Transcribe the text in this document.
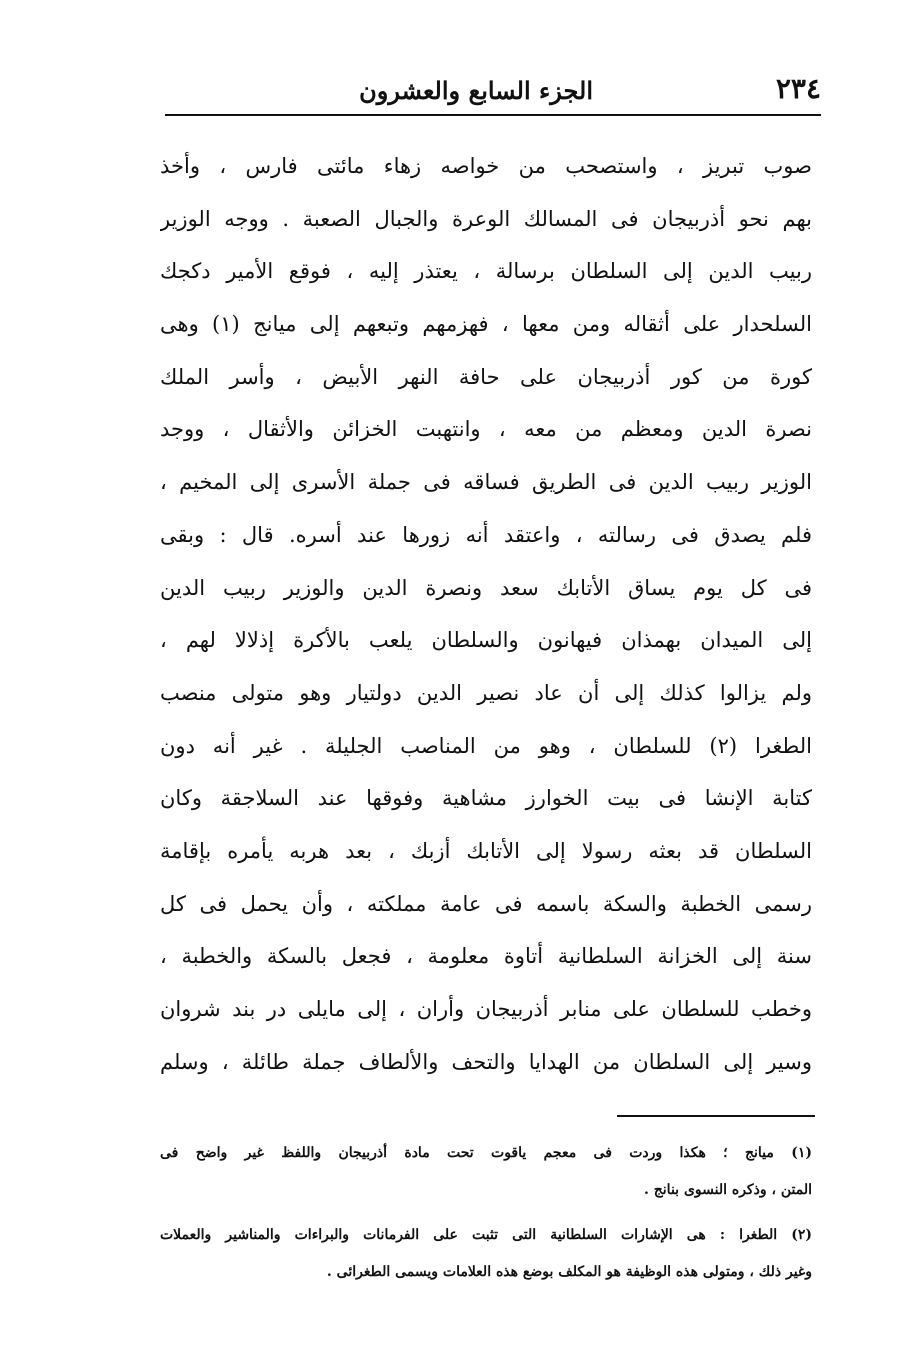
٢٣٤
الجزء السابع والعشرون
صوب تبريز ، واستصحب من خواصه زهاء مائتى فارس ، وأخذ
بهم نحو أذربيجان فى المسالك الوعرة والجبال الصعبة . ووجه الوزير
ربيب الدين إلى السلطان برسالة ، يعتذر إليه ، فوقع الأمير دكجك
السلحدار على أثقاله ومن معها ، فهزمهم وتبعهم إلى ميانج (١) وهى
كورة من كور أذربيجان على حافة النهر الأبيض ، وأسر الملك
نصرة الدين ومعظم من معه ، وانتهبت الخزائن والأثقال ، ووجد
الوزير ربيب الدين فى الطريق فساقه فى جملة الأسرى إلى المخيم ،
فلم يصدق فى رسالته ، واعتقد أنه زورها عند أسره. قال : وبقى
فى كل يوم يساق الأتابك سعد ونصرة الدين والوزير ربيب الدين
إلى الميدان بهمذان فيهانون والسلطان يلعب بالأكرة إذلالا لهم ،
ولم يزالوا كذلك إلى أن عاد نصير الدين دولتيار وهو متولى منصب
الطغرا (٢) للسلطان ، وهو من المناصب الجليلة . غير أنه دون
كتابة الإنشا فى بيت الخوارز مشاهية وفوقها عند السلاجقة وكان
السلطان قد بعثه رسولا إلى الأتابك أزبك ، بعد هربه يأمره بإقامة
رسمى الخطبة والسكة باسمه فى عامة مملكته ، وأن يحمل فى كل
سنة إلى الخزانة السلطانية أتاوة معلومة ، فجعل بالسكة والخطبة ،
وخطب للسلطان على منابر أذربيجان وأران ، إلى مايلى در بند شروان
وسير إلى السلطان من الهدايا والتحف والألطاف جملة طائلة ، وسلم
(١) ميانج ؛ هكذا وردت فى معجم ياقوت تحت مادة أذربيجان واللفظ غير واضح فى
المتن ، وذكره النسوى بنانج .
(٢) الطغرا : هى الإشارات السلطانية التى تثبت على الفرمانات والبراءات والمناشير والعملات
وغير ذلك ، ومتولى هذه الوظيفة هو المكلف بوضع هذه العلامات ويسمى الطغرائى .
